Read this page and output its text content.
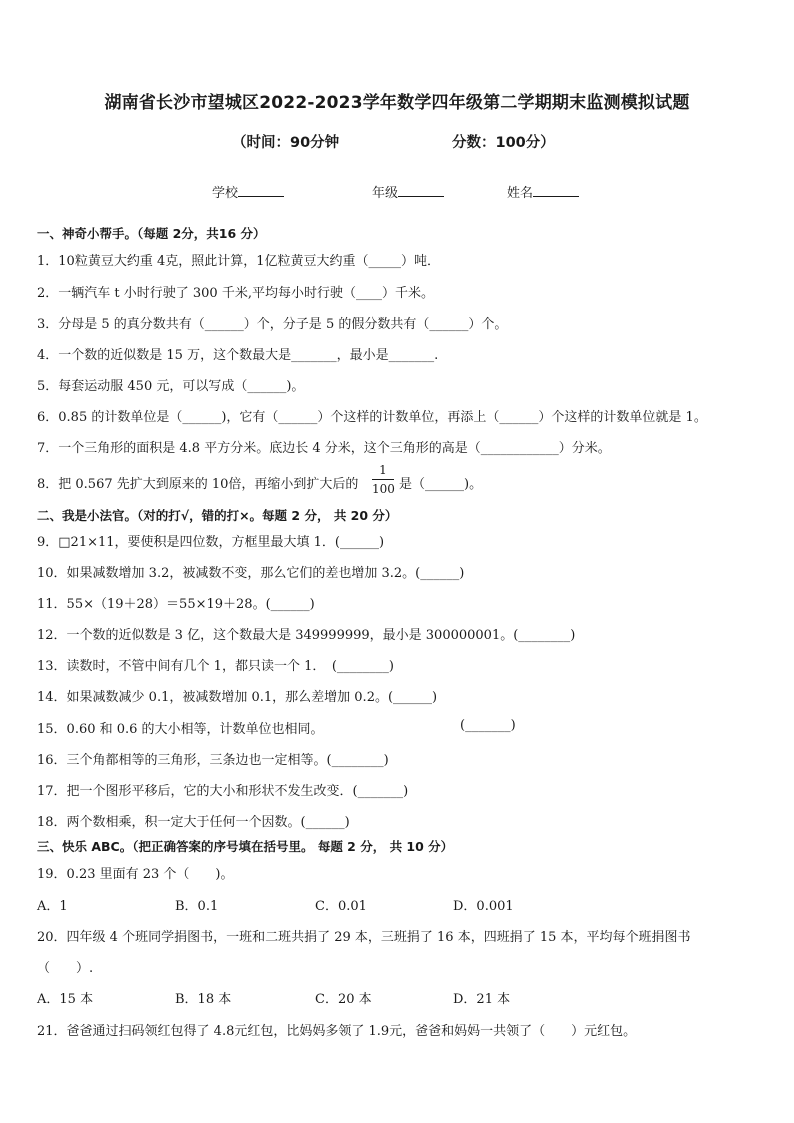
湖南省长沙市望城区2022-2023学年数学四年级第二学期期末监测模拟试题
（时间：90分钟	分数：100分）
学校	年级	姓名
一、神奇小帮手。（每题 2分，共16 分）
1．10粒黄豆大约重 4克，照此计算，1亿粒黄豆大约重（_____）吨．
2．一辆汽车 t 小时行驶了 300 千米,平均每小时行驶（____）千米。
3．分母是 5 的真分数共有（______）个，分子是 5 的假分数共有（______）个。
4．一个数的近似数是 15 万，这个数最大是_______，最小是_______.
5．每套运动服 450 元，可以写成（______)。
6．0.85 的计数单位是（______)，它有（______）个这样的计数单位，再添上（______）个这样的计数单位就是 1。
7．一个三角形的面积是 4.8 平方分米。底边长 4 分米，这个三角形的高是（____________）分米。
8．把 0.567 先扩大到原来的 10倍，再缩小到扩大后的 $\frac{1}{100}$ 是（______)。
二、我是小法官。（对的打√，错的打×。每题 2 分， 共 20 分）
9．□21×11，要使积是四位数，方框里最大填 1．(______)
10．如果减数增加 3.2，被减数不变，那么它们的差也增加 3.2。(______)
11．55×（19＋28）＝55×19＋28。(______)
12．一个数的近似数是 3 亿，这个数最大是 349999999，最小是 300000001。(________)
13．读数时，不管中间有几个 1，都只读一个 1．　(________)
14．如果减数减少 0.1，被减数增加 0.1，那么差增加 0.2。(______)
15．0.60 和 0.6 的大小相等，计数单位也相同。	(_______)
16．三个角都相等的三角形，三条边也一定相等。(________)
17．把一个图形平移后，它的大小和形状不发生改变．(_______)
18．两个数相乘，积一定大于任何一个因数。(______)
三、快乐 ABC。（把正确答案的序号填在括号里。 每题 2 分， 共 10 分）
19．0.23 里面有 23 个（　　)。
A．1	B．0.1	C．0.01	D．0.001
20．四年级 4 个班同学捐图书，一班和二班共捐了 29 本，三班捐了 16 本，四班捐了 15 本，平均每个班捐图书
（　　）.
A．15 本	B．18 本	C．20 本	D．21 本
21．爸爸通过扫码领红包得了 4.8元红包，比妈妈多领了 1.9元，爸爸和妈妈一共领了（　　）元红包。
